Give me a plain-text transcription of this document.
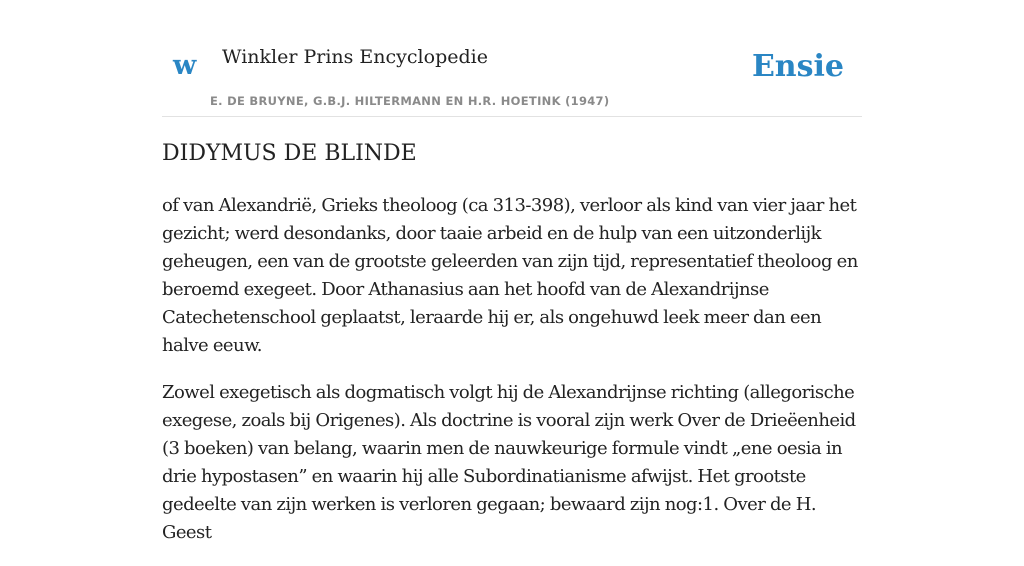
w Winkler Prins Encyclopedie
E. DE BRUYNE, G.B.J. HILTERMANN EN H.R. HOETINK (1947)
Ensie
DIDYMUS DE BLINDE

of van Alexandrië, Grieks theoloog (ca 313-398), verloor als kind van vier jaar het gezicht; werd desondanks, door taaie arbeid en de hulp van een uitzonderlijk geheugen, een van de grootste geleerden van zijn tijd, representatief theoloog en beroemd exegeet. Door Athanasius aan het hoofd van de Alexandrijnse Catechetenschool geplaatst, leraarde hij er, als ongehuwd leek meer dan een halve eeuw.

Zowel exegetisch als dogmatisch volgt hij de Alexandrijnse richting (allegorische exegese, zoals bij Origenes). Als doctrine is vooral zijn werk Over de Drieëenheid (3 boeken) van belang, waarin men de nauwkeurige formule vindt „ene oesia in drie hypostasen” en waarin hij alle Subordinatianisme afwijst. Het grootste gedeelte van zijn werken is verloren gegaan; bewaard zijn nog:1. Over de H. Geest
